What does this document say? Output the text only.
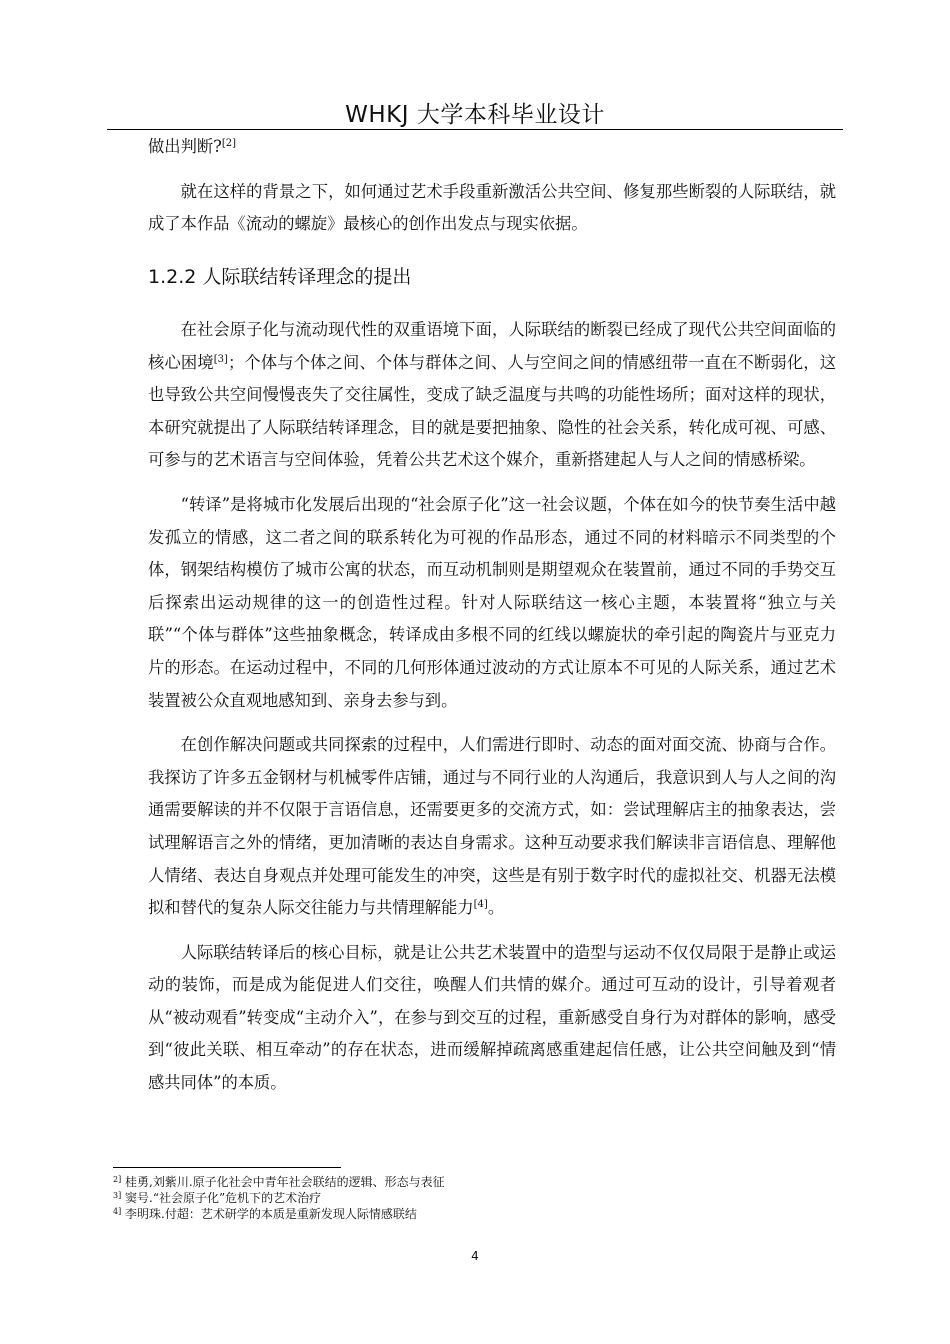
WHKJ 大学本科毕业设计

做出判断?[2]

就在这样的背景之下，如何通过艺术手段重新激活公共空间、修复那些断裂的人际联结，就成了本作品《流动的螺旋》最核心的创作出发点与现实依据。

1.2.2 人际联结转译理念的提出

在社会原子化与流动现代性的双重语境下面，人际联结的断裂已经成了现代公共空间面临的核心困境[3]；个体与个体之间、个体与群体之间、人与空间之间的情感纽带一直在不断弱化，这也导致公共空间慢慢丧失了交往属性，变成了缺乏温度与共鸣的功能性场所；面对这样的现状，本研究就提出了人际联结转译理念，目的就是要把抽象、隐性的社会关系，转化成可视、可感、可参与的艺术语言与空间体验，凭着公共艺术这个媒介，重新搭建起人与人之间的情感桥梁。

“转译”是将城市化发展后出现的“社会原子化”这一社会议题，个体在如今的快节奏生活中越发孤立的情感，这二者之间的联系转化为可视的作品形态，通过不同的材料暗示不同类型的个体，钢架结构模仿了城市公寓的状态，而互动机制则是期望观众在装置前，通过不同的手势交互后探索出运动规律的这一的创造性过程。针对人际联结这一核心主题，本装置将“独立与关联”“个体与群体”这些抽象概念，转译成由多根不同的红线以螺旋状的牵引起的陶瓷片与亚克力片的形态。在运动过程中，不同的几何形体通过波动的方式让原本不可见的人际关系，通过艺术装置被公众直观地感知到、亲身去参与到。

在创作解决问题或共同探索的过程中，人们需进行即时、动态的面对面交流、协商与合作。我探访了许多五金钢材与机械零件店铺，通过与不同行业的人沟通后，我意识到人与人之间的沟通需要解读的并不仅限于言语信息，还需要更多的交流方式，如：尝试理解店主的抽象表达，尝试理解语言之外的情绪，更加清晰的表达自身需求。这种互动要求我们解读非言语信息、理解他人情绪、表达自身观点并处理可能发生的冲突，这些是有别于数字时代的虚拟社交、机器无法模拟和替代的复杂人际交往能力与共情理解能力[4]。

人际联结转译后的核心目标，就是让公共艺术装置中的造型与运动不仅仅局限于是静止或运动的装饰，而是成为能促进人们交往，唤醒人们共情的媒介。通过可互动的设计，引导着观者从“被动观看”转变成“主动介入”，在参与到交互的过程，重新感受自身行为对群体的影响，感受到“彼此关联、相互牵动”的存在状态，进而缓解掉疏离感重建起信任感，让公共空间触及到“情感共同体”的本质。

$^{2]}$ 桂勇,刘紫川.原子化社会中青年社会联结的逻辑、形态与表征
$^{3]}$ 窦号.“社会原子化”危机下的艺术治疗
$^{4]}$ 李明珠.付超：艺术研学的本质是重新发现人际情感联结
4
